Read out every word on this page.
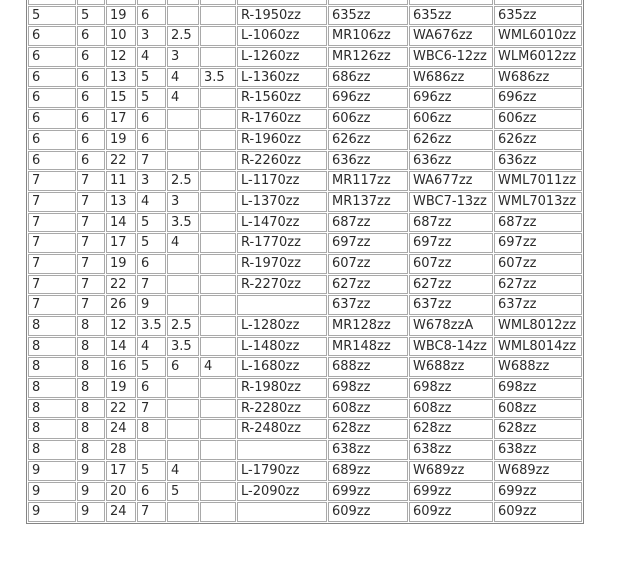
5	5	19	6			R-1950zz	635zz	635zz	635zz
6	6	10	3	2.5		L-1060zz	MR106zz	WA676zz	WML6010zz
6	6	12	4	3		L-1260zz	MR126zz	WBC6-12zz	WLM6012zz
6	6	13	5	4	3.5	L-1360zz	686zz	W686zz	W686zz
6	6	15	5	4		R-1560zz	696zz	696zz	696zz
6	6	17	6			R-1760zz	606zz	606zz	606zz
6	6	19	6			R-1960zz	626zz	626zz	626zz
6	6	22	7			R-2260zz	636zz	636zz	636zz
7	7	11	3	2.5		L-1170zz	MR117zz	WA677zz	WML7011zz
7	7	13	4	3		L-1370zz	MR137zz	WBC7-13zz	WML7013zz
7	7	14	5	3.5		L-1470zz	687zz	687zz	687zz
7	7	17	5	4		R-1770zz	697zz	697zz	697zz
7	7	19	6			R-1970zz	607zz	607zz	607zz
7	7	22	7			R-2270zz	627zz	627zz	627zz
7	7	26	9				637zz	637zz	637zz
8	8	12	3.5	2.5		L-1280zz	MR128zz	W678zzA	WML8012zz
8	8	14	4	3.5		L-1480zz	MR148zz	WBC8-14zz	WML8014zz
8	8	16	5	6	4	L-1680zz	688zz	W688zz	W688zz
8	8	19	6			R-1980zz	698zz	698zz	698zz
8	8	22	7			R-2280zz	608zz	608zz	608zz
8	8	24	8			R-2480zz	628zz	628zz	628zz
8	8	28					638zz	638zz	638zz
9	9	17	5	4		L-1790zz	689zz	W689zz	W689zz
9	9	20	6	5		L-2090zz	699zz	699zz	699zz
9	9	24	7				609zz	609zz	609zz
